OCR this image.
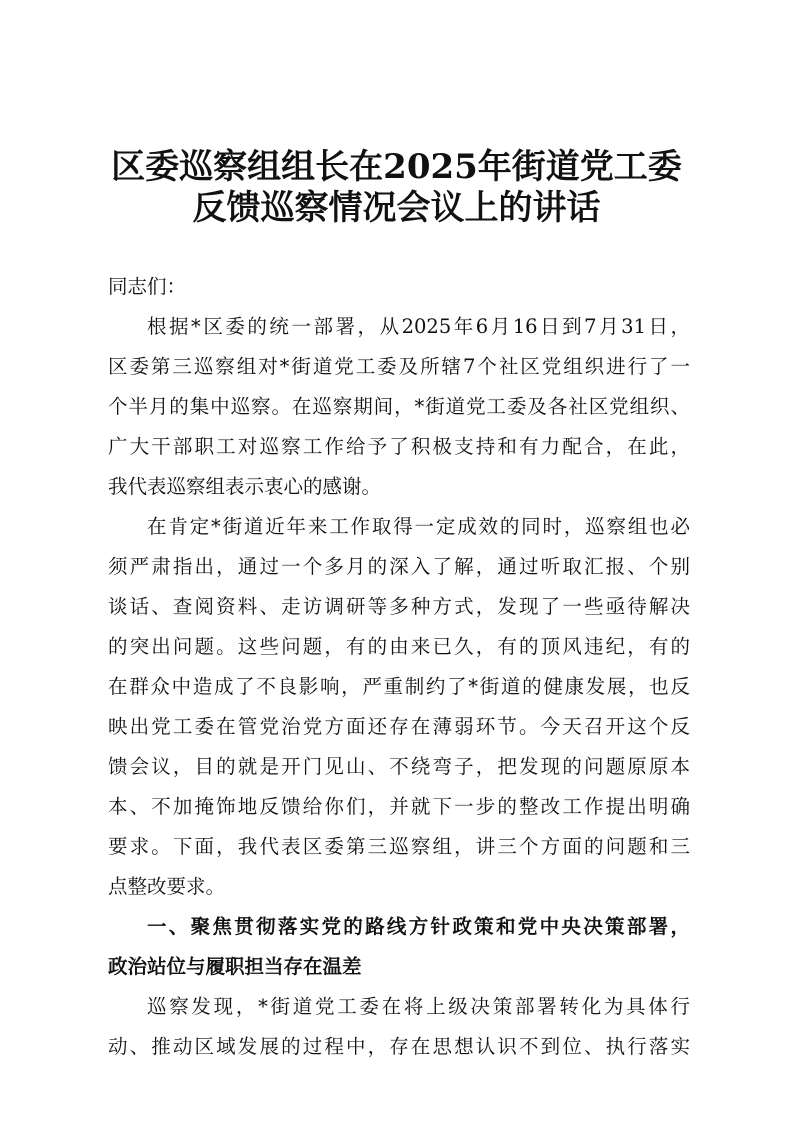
区委巡察组组长在2025年街道党工委
反馈巡察情况会议上的讲话

同志们：

根据*区委的统一部署，从2025年6月16日到7月31日，
区委第三巡察组对*街道党工委及所辖7个社区党组织进行了一
个半月的集中巡察。在巡察期间，*街道党工委及各社区党组织、
广大干部职工对巡察工作给予了积极支持和有力配合，在此，
我代表巡察组表示衷心的感谢。

在肯定*街道近年来工作取得一定成效的同时，巡察组也必
须严肃指出，通过一个多月的深入了解，通过听取汇报、个别
谈话、查阅资料、走访调研等多种方式，发现了一些亟待解决
的突出问题。这些问题，有的由来已久，有的顶风违纪，有的
在群众中造成了不良影响，严重制约了*街道的健康发展，也反
映出党工委在管党治党方面还存在薄弱环节。今天召开这个反
馈会议，目的就是开门见山、不绕弯子，把发现的问题原原本
本、不加掩饰地反馈给你们，并就下一步的整改工作提出明确
要求。下面，我代表区委第三巡察组，讲三个方面的问题和三
点整改要求。

一、聚焦贯彻落实党的路线方针政策和党中央决策部署，
政治站位与履职担当存在温差

巡察发现，*街道党工委在将上级决策部署转化为具体行
动、推动区域发展的过程中，存在思想认识不到位、执行落实
